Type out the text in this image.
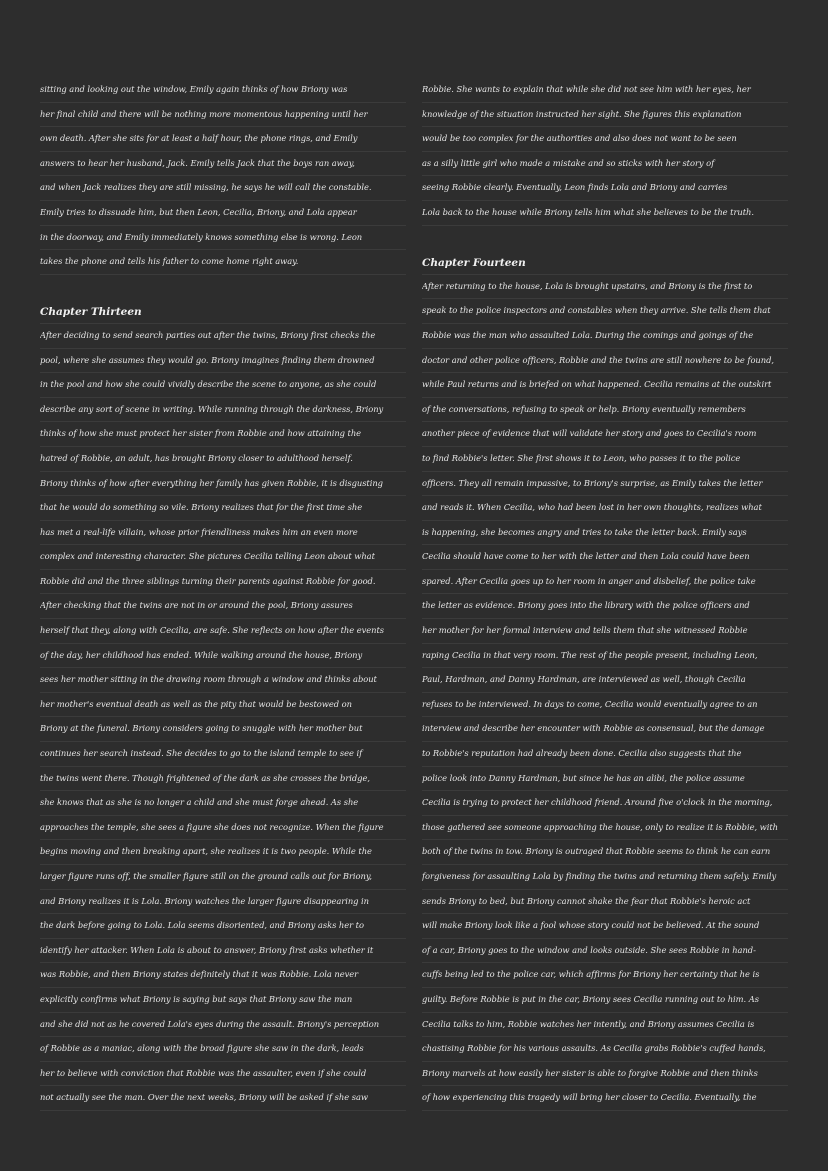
sitting and looking out the window, Emily again thinks of how Briony was
her final child and there will be nothing more momentous happening until her
own death. After she sits for at least a half hour, the phone rings, and Emily
answers to hear her husband, Jack. Emily tells Jack that the boys ran away,
and when Jack realizes they are still missing, he says he will call the constable.
Emily tries to dissuade him, but then Leon, Cecilia, Briony, and Lola appear
in the doorway, and Emily immediately knows something else is wrong. Leon
takes the phone and tells his father to come home right away.
Chapter Thirteen
After deciding to send search parties out after the twins, Briony first checks the
pool, where she assumes they would go. Briony imagines finding them drowned
in the pool and how she could vividly describe the scene to anyone, as she could
describe any sort of scene in writing. While running through the darkness, Briony
thinks of how she must protect her sister from Robbie and how attaining the
hatred of Robbie, an adult, has brought Briony closer to adulthood herself.
Briony thinks of how after everything her family has given Robbie, it is disgusting
that he would do something so vile. Briony realizes that for the first time she
has met a real-life villain, whose prior friendliness makes him an even more
complex and interesting character. She pictures Cecilia telling Leon about what
Robbie did and the three siblings turning their parents against Robbie for good.
After checking that the twins are not in or around the pool, Briony assures
herself that they, along with Cecilia, are safe. She reflects on how after the events
of the day, her childhood has ended. While walking around the house, Briony
sees her mother sitting in the drawing room through a window and thinks about
her mother's eventual death as well as the pity that would be bestowed on
Briony at the funeral. Briony considers going to snuggle with her mother but
continues her search instead. She decides to go to the island temple to see if
the twins went there. Though frightened of the dark as she crosses the bridge,
she knows that as she is no longer a child and she must forge ahead. As she
approaches the temple, she sees a figure she does not recognize. When the figure
begins moving and then breaking apart, she realizes it is two people. While the
larger figure runs off, the smaller figure still on the ground calls out for Briony,
and Briony realizes it is Lola. Briony watches the larger figure disappearing in
the dark before going to Lola. Lola seems disoriented, and Briony asks her to
identify her attacker. When Lola is about to answer, Briony first asks whether it
was Robbie, and then Briony states definitely that it was Robbie. Lola never
explicitly confirms what Briony is saying but says that Briony saw the man
and she did not as he covered Lola's eyes during the assault. Briony's perception
of Robbie as a maniac, along with the broad figure she saw in the dark, leads
her to believe with conviction that Robbie was the assaulter, even if she could
not actually see the man. Over the next weeks, Briony will be asked if she saw
Robbie. She wants to explain that while she did not see him with her eyes, her
knowledge of the situation instructed her sight. She figures this explanation
would be too complex for the authorities and also does not want to be seen
as a silly little girl who made a mistake and so sticks with her story of
seeing Robbie clearly. Eventually, Leon finds Lola and Briony and carries
Lola back to the house while Briony tells him what she believes to be the truth.
Chapter Fourteen
After returning to the house, Lola is brought upstairs, and Briony is the first to
speak to the police inspectors and constables when they arrive. She tells them that
Robbie was the man who assaulted Lola. During the comings and goings of the
doctor and other police officers, Robbie and the twins are still nowhere to be found,
while Paul returns and is briefed on what happened. Cecilia remains at the outskirt
of the conversations, refusing to speak or help. Briony eventually remembers
another piece of evidence that will validate her story and goes to Cecilia's room
to find Robbie's letter. She first shows it to Leon, who passes it to the police
officers. They all remain impassive, to Briony's surprise, as Emily takes the letter
and reads it. When Cecilia, who had been lost in her own thoughts, realizes what
is happening, she becomes angry and tries to take the letter back. Emily says
Cecilia should have come to her with the letter and then Lola could have been
spared. After Cecilia goes up to her room in anger and disbelief, the police take
the letter as evidence. Briony goes into the library with the police officers and
her mother for her formal interview and tells them that she witnessed Robbie
raping Cecilia in that very room. The rest of the people present, including Leon,
Paul, Hardman, and Danny Hardman, are interviewed as well, though Cecilia
refuses to be interviewed. In days to come, Cecilia would eventually agree to an
interview and describe her encounter with Robbie as consensual, but the damage
to Robbie's reputation had already been done. Cecilia also suggests that the
police look into Danny Hardman, but since he has an alibi, the police assume
Cecilia is trying to protect her childhood friend. Around five o'clock in the morning,
those gathered see someone approaching the house, only to realize it is Robbie, with
both of the twins in tow. Briony is outraged that Robbie seems to think he can earn
forgiveness for assaulting Lola by finding the twins and returning them safely. Emily
sends Briony to bed, but Briony cannot shake the fear that Robbie's heroic act
will make Briony look like a fool whose story could not be believed. At the sound
of a car, Briony goes to the window and looks outside. She sees Robbie in hand-
cuffs being led to the police car, which affirms for Briony her certainty that he is
guilty. Before Robbie is put in the car, Briony sees Cecilia running out to him. As
Cecilia talks to him, Robbie watches her intently, and Briony assumes Cecilia is
chastising Robbie for his various assaults. As Cecilia grabs Robbie's cuffed hands,
Briony marvels at how easily her sister is able to forgive Robbie and then thinks
of how experiencing this tragedy will bring her closer to Cecilia. Eventually, the
